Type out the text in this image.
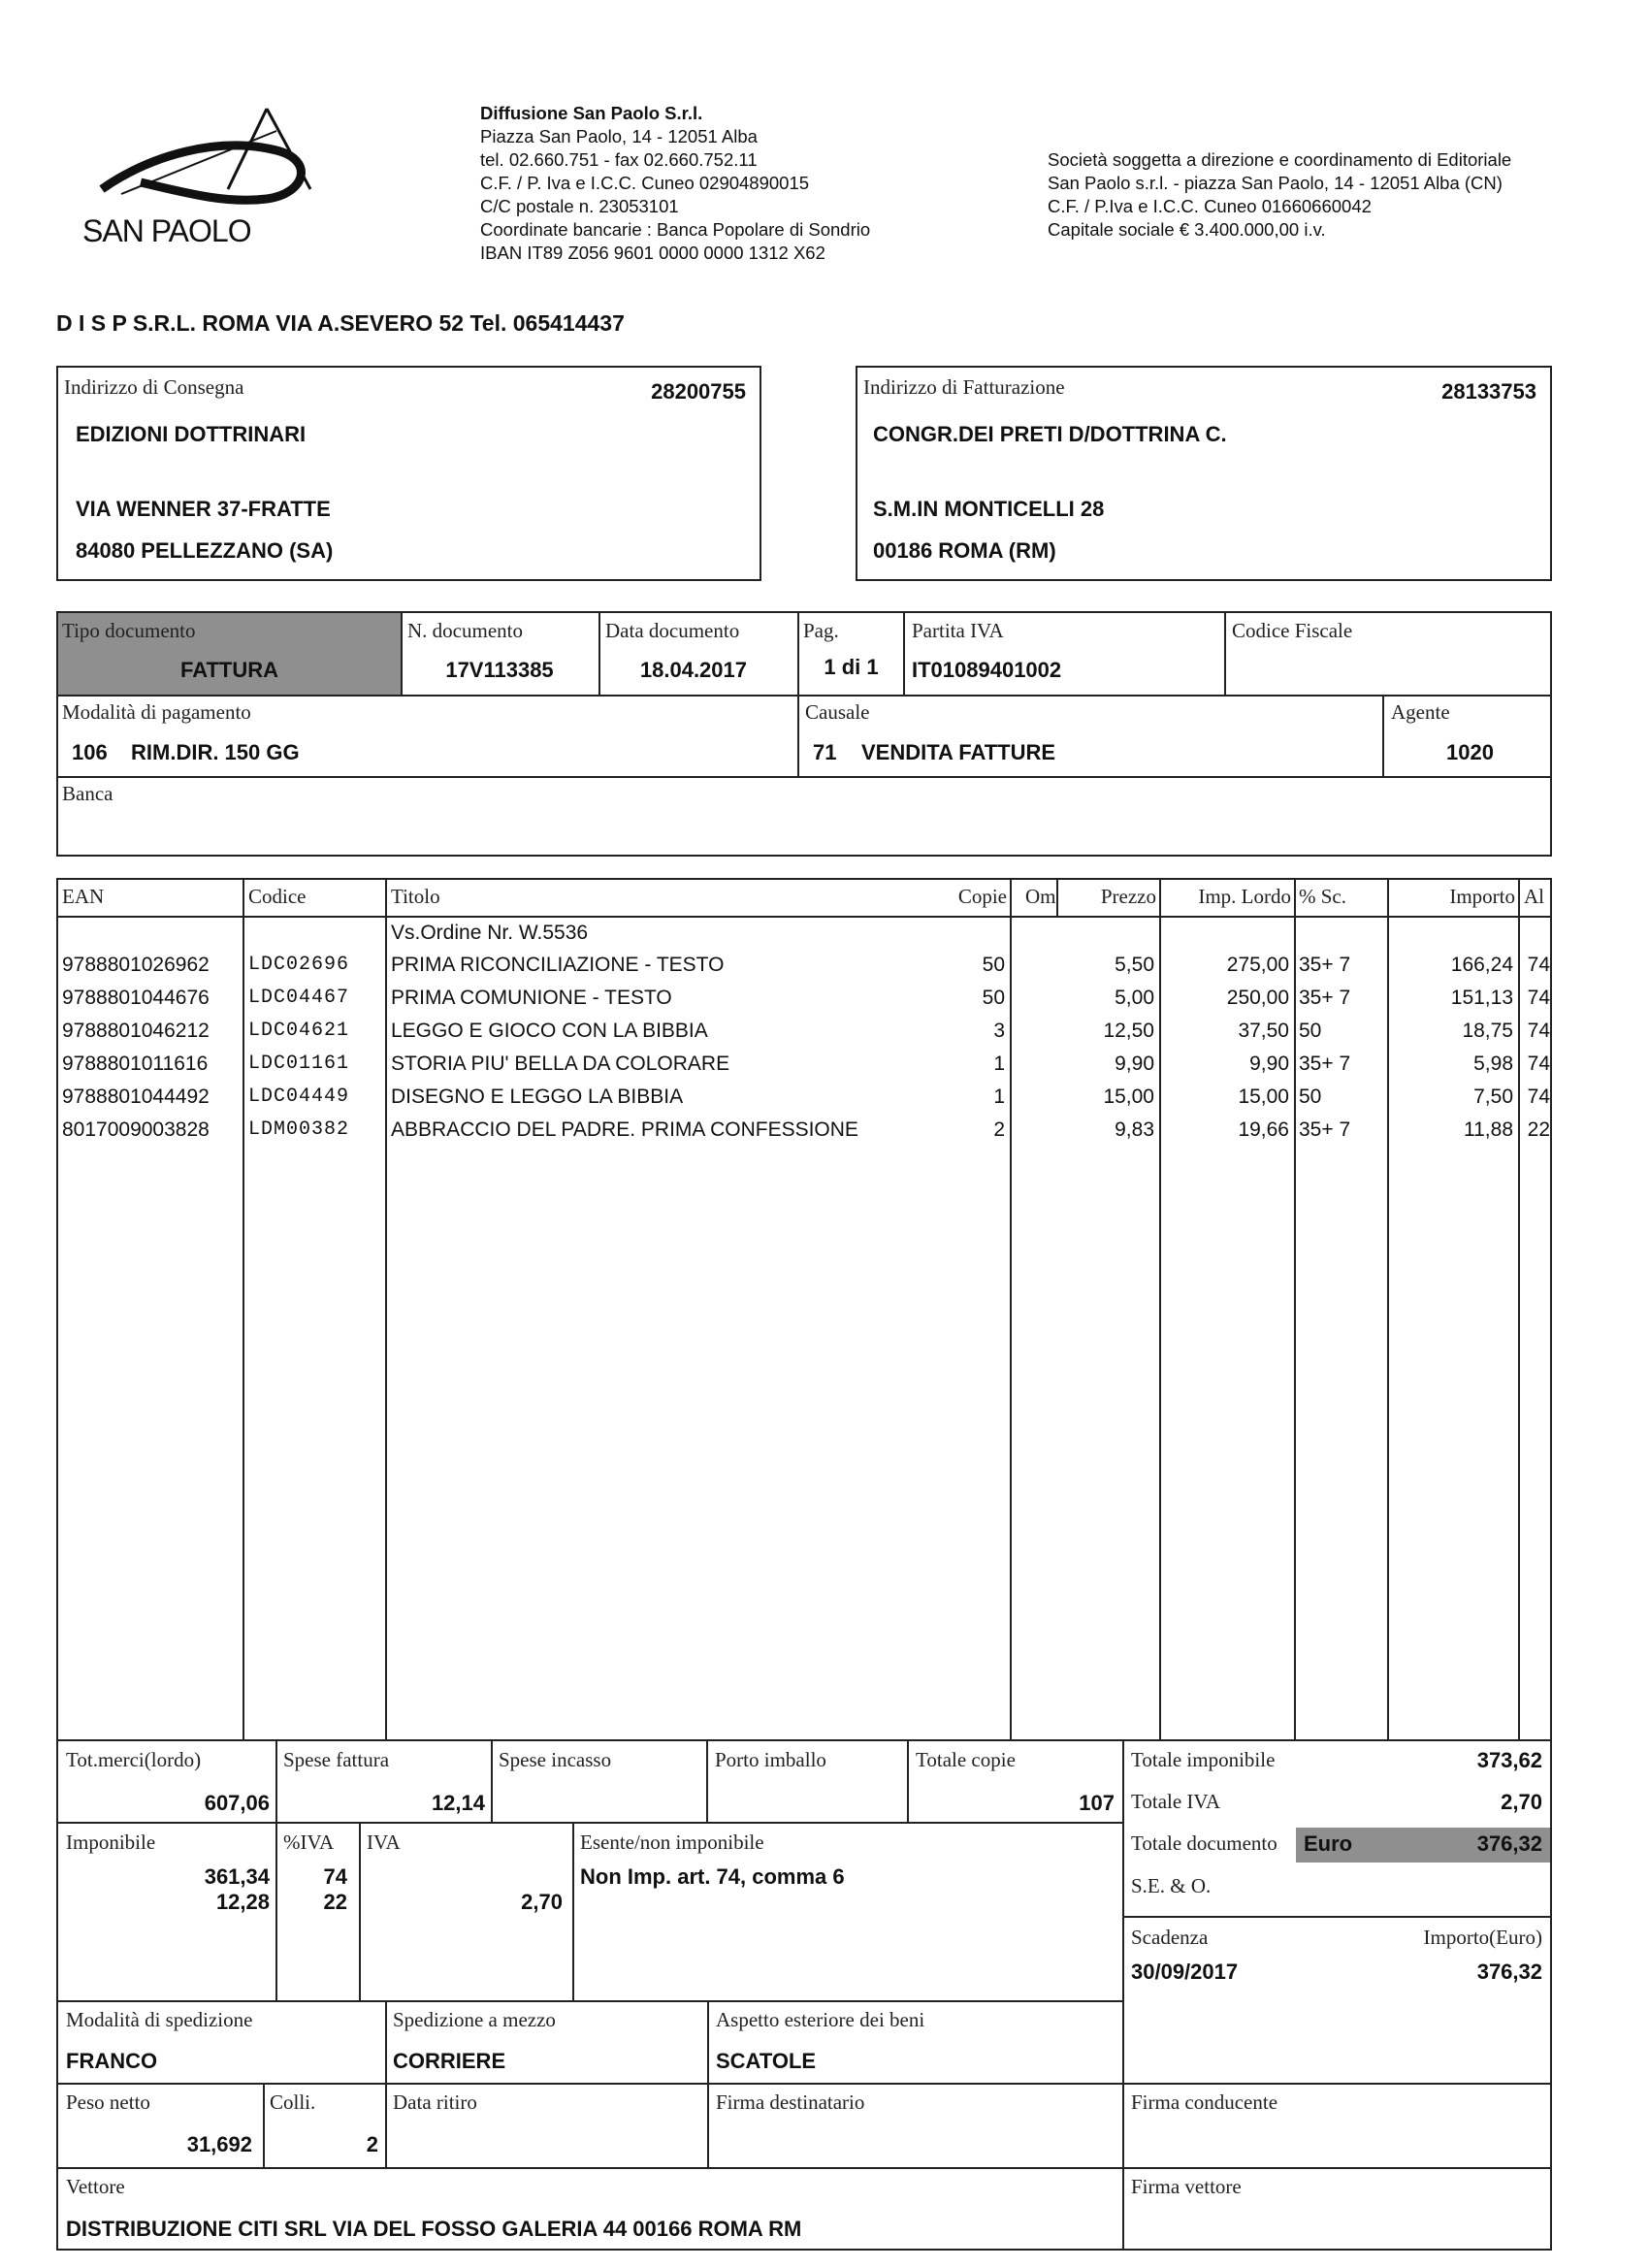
SAN PAOLO
Diffusione San Paolo S.r.l.
Piazza San Paolo, 14 - 12051 Alba
tel. 02.660.751 - fax 02.660.752.11
C.F. / P. Iva e I.C.C. Cuneo 02904890015
C/C postale n. 23053101
Coordinate bancarie : Banca Popolare di Sondrio
IBAN IT89 Z056 9601 0000 0000 1312 X62
Società soggetta a direzione e coordinamento di Editoriale
San Paolo s.r.l. - piazza San Paolo, 14 - 12051 Alba (CN)
C.F. / P.Iva e I.C.C. Cuneo 01660660042
Capitale sociale € 3.400.000,00 i.v.
D I S P S.R.L. ROMA VIA A.SEVERO 52 Tel. 065414437
Indirizzo di Consegna	28200755
EDIZIONI DOTTRINARI
VIA WENNER 37-FRATTE
84080 PELLEZZANO (SA)
Indirizzo di Fatturazione	28133753
CONGR.DEI PRETI D/DOTTRINA C.
S.M.IN MONTICELLI 28
00186 ROMA (RM)
Tipo documento
FATTURA
N. documento
17V113385
Data documento
18.04.2017
Pag.
1 di 1
Partita IVA
IT01089401002
Codice Fiscale
Modalità di pagamento
106 RIM.DIR. 150 GG
Causale
71 VENDITA FATTURE
Agente
1020
Banca
EAN	Codice	Titolo	Copie Om	Prezzo	Imp. Lordo % Sc.	Importo Al
Vs.Ordine Nr. W.5536
9788801026962	LDC02696	PRIMA RICONCILIAZIONE - TESTO	50	5,50	275,00 35+ 7	166,24 74
9788801044676	LDC04467	PRIMA COMUNIONE - TESTO	50	5,00	250,00 35+ 7	151,13 74
9788801046212	LDC04621	LEGGO E GIOCO CON LA BIBBIA	3	12,50	37,50 50	18,75 74
9788801011616	LDC01161	STORIA PIU' BELLA DA COLORARE	1	9,90	9,90 35+ 7	5,98 74
9788801044492	LDC04449	DISEGNO E LEGGO LA BIBBIA	1	15,00	15,00 50	7,50 74
8017009003828	LDM00382	ABBRACCIO DEL PADRE. PRIMA CONFESSIONE	2	9,83	19,66 35+ 7	11,88 22
Tot.merci(lordo)
607,06
Spese fattura
12,14
Spese incasso	Porto imballo	Totale copie
107
Totale imponibile	373,62
Totale IVA	2,70
Totale documento Euro	376,32
S.E. & O.
Imponibile
361,34
12,28
%IVA
74
22
IVA
2,70
Esente/non imponibile
Non Imp. art. 74, comma 6
Scadenza
30/09/2017
Importo(Euro)
376,32
Modalità di spedizione
FRANCO
Spedizione a mezzo
CORRIERE
Aspetto esteriore dei beni
SCATOLE
Peso netto
31,692
Colli.
2
Data ritiro	Firma destinatario	Firma conducente
Vettore
DISTRIBUZIONE CITI SRL VIA DEL FOSSO GALERIA 44 00166 ROMA RM
Firma vettore
